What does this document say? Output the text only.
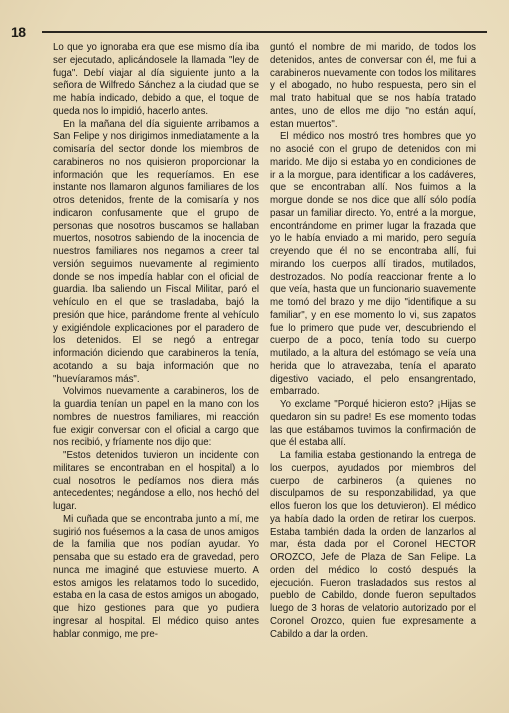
18

Lo que yo ignoraba era que ese mismo día iba ser ejecutado, aplicándosele la llamada "ley de fuga". Debí viajar al día siguiente junto a la señora de Wilfredo Sánchez a la ciudad que se me había indicado, debido a que, el toque de queda nos lo impidió, hacerlo antes.

En la mañana del día siguiente arribamos a San Felipe y nos dirigimos inmediatamente a la comisaría del sector donde los miembros de carabineros no nos quisieron proporcionar la información que les requeríamos. En ese instante nos llamaron algunos familiares de los otros detenidos, frente de la comisaría y nos indicaron confusamente que el grupo de personas que nosotros buscamos se hallaban muertos, nosotros sabiendo de la inocencia de nuestros familiares nos negamos a creer tal versión seguimos nuevamente al regimiento donde se nos impedía hablar con el oficial de guardia. Iba saliendo un Fiscal Militar, paró el vehículo en el que se trasladaba, bajó la presión que hice, parándome frente al vehículo y exigiéndole explicaciones por el paradero de los detenidos. El se negó a entregar información diciendo que carabineros la tenía, acotando a su baja información que no "huevíaramos más".

Volvimos nuevamente a carabineros, los de la guardia tenían un papel en la mano con los nombres de nuestros familiares, mi reacción fue exigir conversar con el oficial a cargo que nos recibió, y fríamente nos dijo que:

"Estos detenidos tuvieron un incidente con militares se encontraban en el hospital) a lo cual nosotros le pedíamos nos diera más antecedentes; negándose a ello, nos hechó del lugar.

Mi cuñada que se encontraba junto a mí, me sugirió nos fuésemos a la casa de unos amigos de la familia que nos podían ayudar. Yo pensaba que su estado era de gravedad, pero nunca me imaginé que estuviese muerto. A estos amigos les relatamos todo lo sucedido, estaba en la casa de estos amigos un abogado, que hizo gestiones para que yo pudiera ingresar al hospital. El médico quiso antes hablar conmigo, me pre-

guntó el nombre de mi marido, de todos los detenidos, antes de conversar con él, me fui a carabineros nuevamente con todos los militares y el abogado, no hubo respuesta, pero sin el mal trato habitual que se nos había tratado antes, uno de ellos me dijo "no están aquí, estan muertos".

El médico nos mostró tres hombres que yo no asocié con el grupo de detenidos con mi marido. Me dijo si estaba yo en condiciones de ir a la morgue, para identificar a los cadáveres, que se encontraban allí. Nos fuimos a la morgue donde se nos dice que allí sólo podía pasar un familiar directo. Yo, entré a la morgue, encontrándome en primer lugar la frazada que yo le había enviado a mi marido, pero seguía creyendo que él no se encontraba allí, fui mirando los cuerpos allí tirados, mutilados, destrozados. No podía reaccionar frente a lo que veía, hasta que un funcionario suavemente me tomó del brazo y me dijo "identifique a su familiar", y en ese momento lo vi, sus zapatos fue lo primero que pude ver, descubriendo el cuerpo de a poco, tenía todo su cuerpo mutilado, a la altura del estómago se veía una herida que lo atravezaba, tenía el aparato digestivo vaciado, el pelo ensangrentado, embarrado.

Yo exclame "Porqué hicieron esto? ¡Hijas se quedaron sin su padre! Es ese momento todas las que estábamos tuvimos la confirmación de que él estaba allí.

La familia estaba gestionando la entrega de los cuerpos, ayudados por miembros del cuerpo de carbineros (a quienes no disculpamos de su responzabilidad, ya que ellos fueron los que los detuvieron). El médico ya había dado la orden de retirar los cuerpos. Estaba también dada la orden de lanzarlos al mar, ésta dada por el Coronel HECTOR OROZCO, Jefe de Plaza de San Felipe. La orden del médico lo costó después la ejecución. Fueron trasladados sus restos al pueblo de Cabildo, donde fueron sepultados luego de 3 horas de velatorio autorizado por el Coronel Orozco, quien fue expresamente a Cabildo a dar la orden.
